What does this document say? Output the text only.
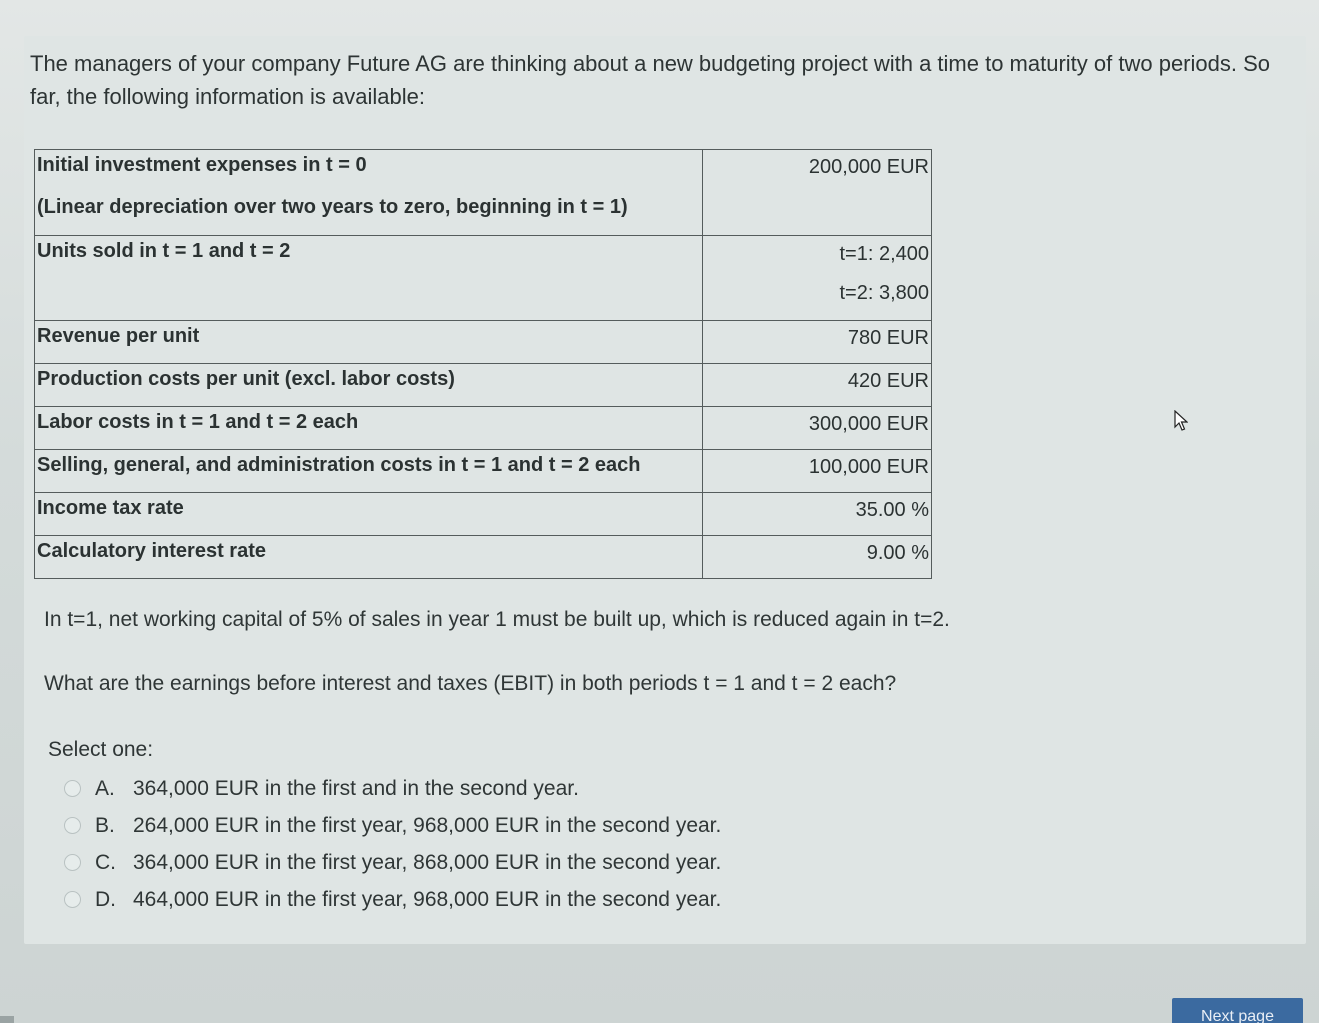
The managers of your company Future AG are thinking about a new budgeting project with a time to maturity of two periods. So far, the following information is available:

Initial investment expenses in t = 0
(Linear depreciation over two years to zero, beginning in t = 1)	200,000 EUR

Units sold in t = 1 and t = 2	t=1: 2,400
t=2: 3,800

Revenue per unit	780 EUR

Production costs per unit (excl. labor costs)	420 EUR

Labor costs in t = 1 and t = 2 each	300,000 EUR

Selling, general, and administration costs in t = 1 and t = 2 each	100,000 EUR

Income tax rate	35.00 %

Calculatory interest rate	9.00 %

In t=1, net working capital of 5% of sales in year 1 must be built up, which is reduced again in t=2.

What are the earnings before interest and taxes (EBIT) in both periods t = 1 and t = 2 each?

Select one:
A. 364,000 EUR in the first and in the second year.
B. 264,000 EUR in the first year, 968,000 EUR in the second year.
C. 364,000 EUR in the first year, 868,000 EUR in the second year.
D. 464,000 EUR in the first year, 968,000 EUR in the second year.
Next page
